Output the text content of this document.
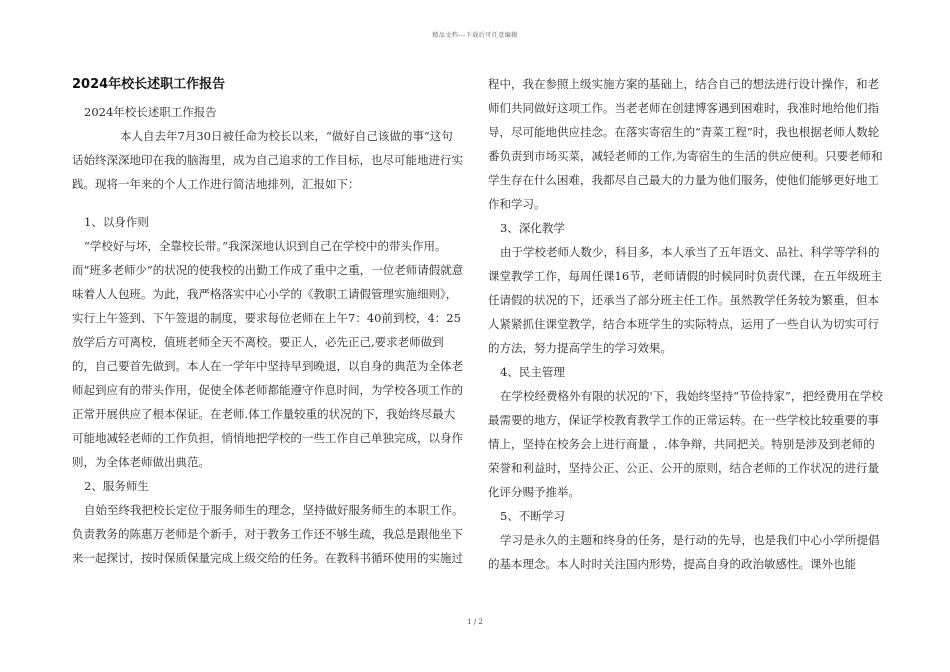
精品文档---下载后可任意编辑
2024年校长述职工作报告

2024年校长述职工作报告

本人自去年7月30日被任命为校长以来，“做好自己该做的事”这句话始终深深地印在我的脑海里，成为自己追求的工作目标，也尽可能地进行实践。现将一年来的个人工作进行简洁地排列，汇报如下：

1、以身作则

“学校好与坏，全靠校长带。”我深深地认识到自己在学校中的带头作用。而“班多老师少”的状况的使我校的出勤工作成了重中之重，一位老师请假就意味着人人包班。为此，我严格落实中心小学的《教职工请假管理实施细则》，实行上午签到、下午签退的制度，要求每位老师在上午7：40前到校，4：25放学后方可离校，值班老师全天不离校。要正人，必先正己,要求老师做到的，自己要首先做到。本人在一学年中坚持早到晚退，以自身的典范为全体老师起到应有的带头作用，促使全体老师都能遵守作息时间，为学校各项工作的正常开展供应了根本保证。在老师.体工作量较重的状况的下，我始终尽最大可能地减轻老师的工作负担，悄悄地把学校的一些工作自己单独完成，以身作则，为全体老师做出典范。

2、服务师生

自始至终我把校长定位于服务师生的理念，坚持做好服务师生的本职工作。负责教务的陈惠万老师是个新手，对于教务工作还不够生疏，我总是跟他坐下来一起探讨，按时保质保量完成上级交给的任务。在教科书循环使用的实施过

程中，我在参照上级实施方案的基础上，结合自己的想法进行设计操作，和老师们共同做好这项工作。当老老师在创建博客遇到困难时，我准时地给他们指导，尽可能地供应挂念。在落实寄宿生的“青菜工程”时，我也根据老师人数轮番负责到市场买菜，减轻老师的工作,为寄宿生的生活的供应便利。只要老师和学生存在什么困难，我都尽自己最大的力量为他们服务，使他们能够更好地工作和学习。

3、深化教学

由于学校老师人数少，科目多，本人承当了五年语文、品社、科学等学科的课堂教学工作，每周任课16节，老师请假的时候同时负责代课，在五年级班主任请假的状况的下，还承当了部分班主任工作。虽然教学任务较为繁重，但本人紧紧抓住课堂教学，结合本班学生的实际特点，运用了一些自认为切实可行的方法，努力提高学生的学习效果。

4、民主管理

在学校经费格外有限的状况的'下，我始终坚持“节俭持家”，把经费用在学校最需要的地方，保证学校教育教学工作的正常运转。在一些学校比较重要的事情上，坚持在校务会上进行商量 ，.体争辩，共同把关。特别是涉及到老师的荣誉和利益时，坚持公正、公正、公开的原则，结合老师的工作状况的进行量化评分赐予推举。

5、不断学习

学习是永久的主题和终身的任务，是行动的先导，也是我们中心小学所提倡的基本理念。本人时时关注国内形势，提高自身的政治敏感性。课外也能

1 / 2
